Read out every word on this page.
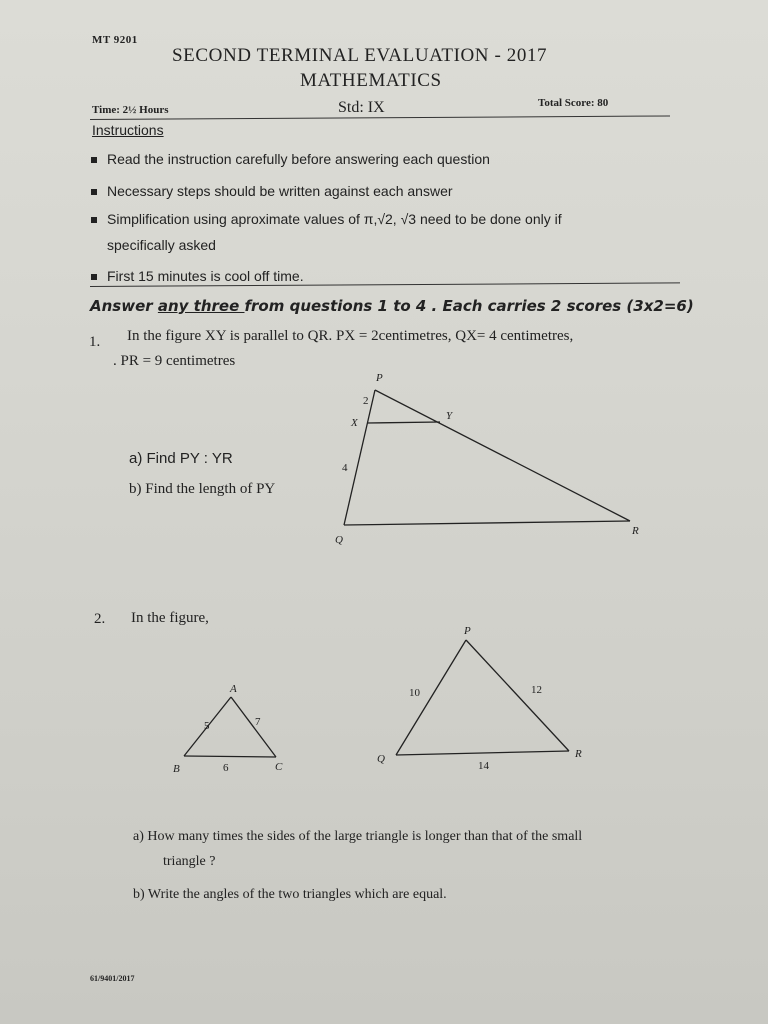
MT 9201
SECOND TERMINAL EVALUATION - 2017
MATHEMATICS
Time: 2½ Hours	Std: IX	Total Score: 80
Instructions
Read the instruction carefully before answering each question
Necessary steps should be written against each answer
Simplification using aproximate values of π,√2, √3 need to be done only if
specifically asked
First 15 minutes is cool off time.
Answer any three from questions 1 to 4 . Each carries 2 scores (3x2=6)
1. In the figure XY is parallel to QR. PX = 2centimetres, QX= 4 centimetres,
. PR = 9 centimetres
a) Find PY : YR
b) Find the length of PY
2. In the figure,
a) How many times the sides of the large triangle is longer than that of the small
triangle ?
b) Write the angles of the two triangles which are equal.
61/9401/2017
P
X
Y
Q
R
2
4
A
B	C
5	7
6
P
Q	R
10	12
14
